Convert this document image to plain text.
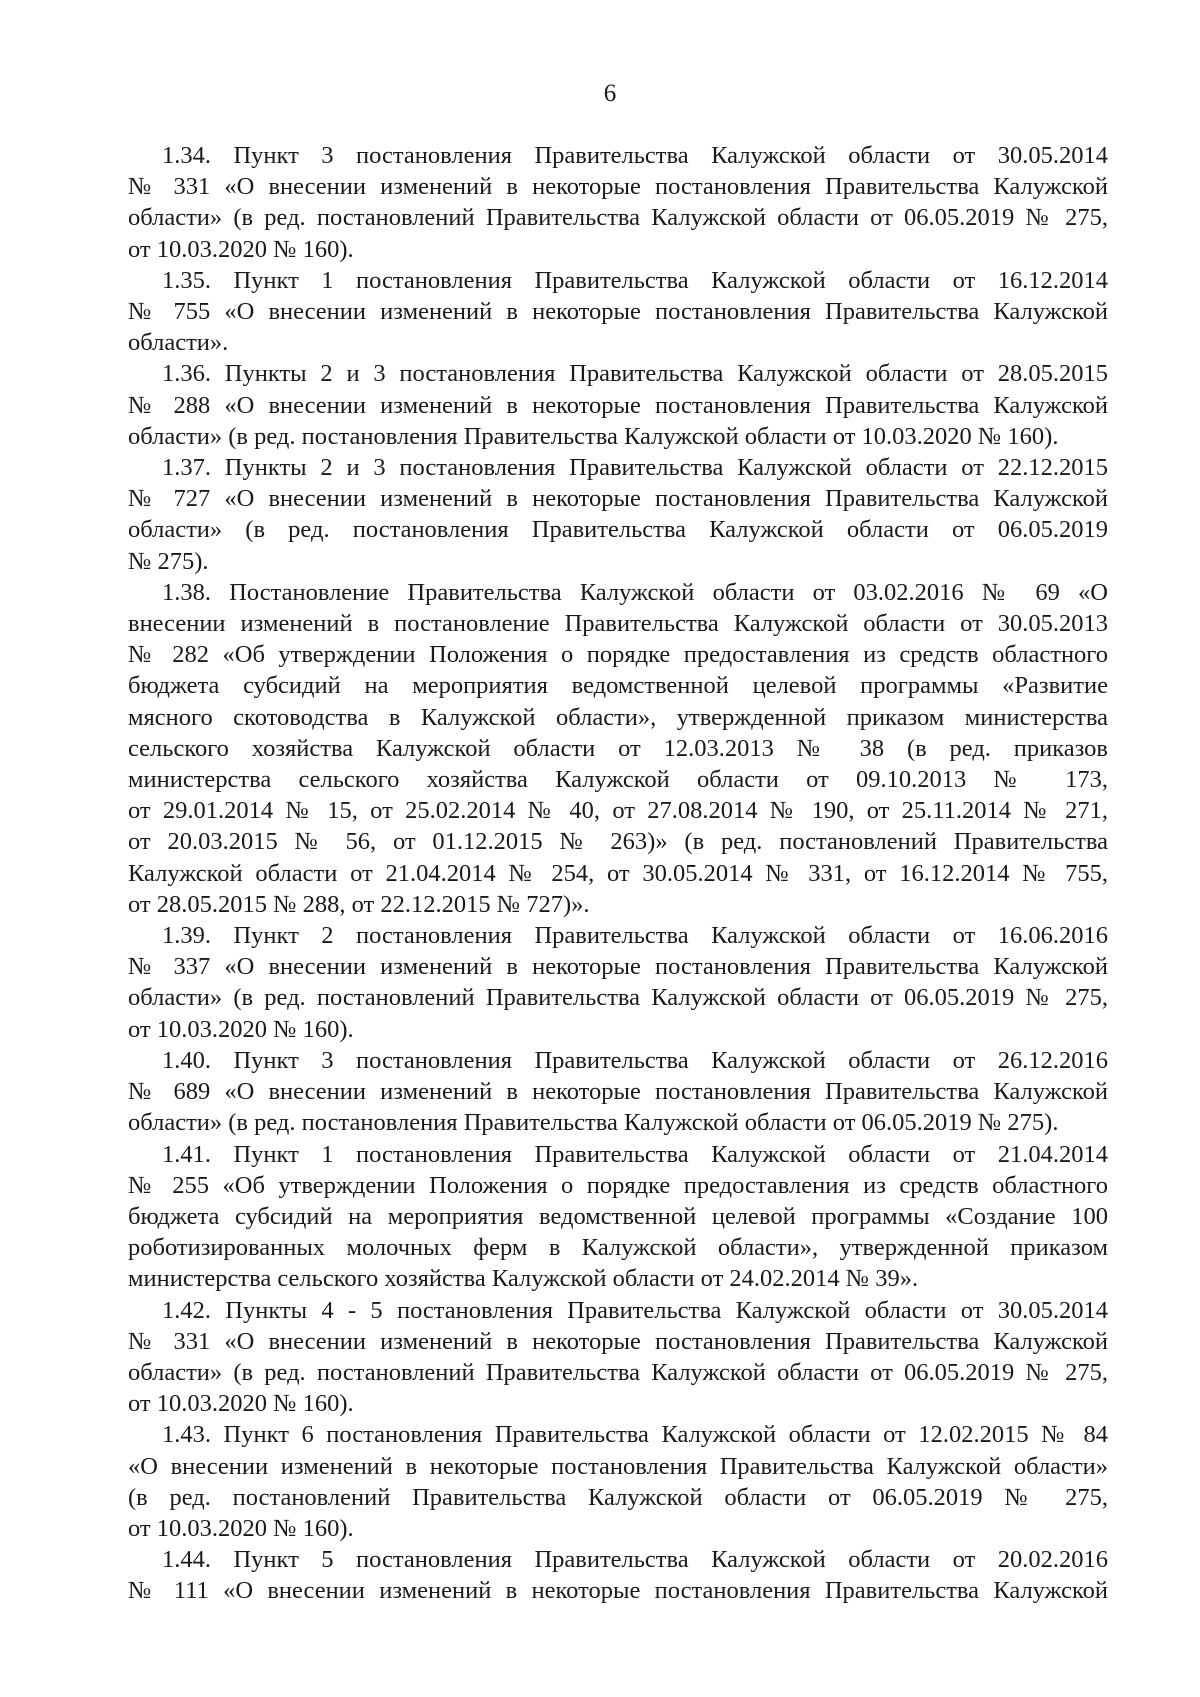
6
1.34. Пункт 3 постановления Правительства Калужской области от 30.05.2014
№ 331 «О внесении изменений в некоторые постановления Правительства Калужской
области» (в ред. постановлений Правительства Калужской области от 06.05.2019 № 275,
от 10.03.2020 № 160).
1.35. Пункт 1 постановления Правительства Калужской области от 16.12.2014
№ 755 «О внесении изменений в некоторые постановления Правительства Калужской
области».
1.36. Пункты 2 и 3 постановления Правительства Калужской области от 28.05.2015
№ 288 «О внесении изменений в некоторые постановления Правительства Калужской
области» (в ред. постановления Правительства Калужской области от 10.03.2020 № 160).
1.37. Пункты 2 и 3 постановления Правительства Калужской области от 22.12.2015
№ 727 «О внесении изменений в некоторые постановления Правительства Калужской
области» (в ред. постановления Правительства Калужской области от 06.05.2019
№ 275).
1.38. Постановление Правительства Калужской области от 03.02.2016 № 69 «О
внесении изменений в постановление Правительства Калужской области от 30.05.2013
№ 282 «Об утверждении Положения о порядке предоставления из средств областного
бюджета субсидий на мероприятия ведомственной целевой программы «Развитие
мясного скотоводства в Калужской области», утвержденной приказом министерства
сельского хозяйства Калужской области от 12.03.2013 № 38 (в ред. приказов
министерства сельского хозяйства Калужской области от 09.10.2013 № 173,
от 29.01.2014 № 15, от 25.02.2014 № 40, от 27.08.2014 № 190, от 25.11.2014 № 271,
от 20.03.2015 № 56, от 01.12.2015 № 263)» (в ред. постановлений Правительства
Калужской области от 21.04.2014 № 254, от 30.05.2014 № 331, от 16.12.2014 № 755,
от 28.05.2015 № 288, от 22.12.2015 № 727)».
1.39. Пункт 2 постановления Правительства Калужской области от 16.06.2016
№ 337 «О внесении изменений в некоторые постановления Правительства Калужской
области» (в ред. постановлений Правительства Калужской области от 06.05.2019 № 275,
от 10.03.2020 № 160).
1.40. Пункт 3 постановления Правительства Калужской области от 26.12.2016
№ 689 «О внесении изменений в некоторые постановления Правительства Калужской
области» (в ред. постановления Правительства Калужской области от 06.05.2019 № 275).
1.41. Пункт 1 постановления Правительства Калужской области от 21.04.2014
№ 255 «Об утверждении Положения о порядке предоставления из средств областного
бюджета субсидий на мероприятия ведомственной целевой программы «Создание 100
роботизированных молочных ферм в Калужской области», утвержденной приказом
министерства сельского хозяйства Калужской области от 24.02.2014 № 39».
1.42. Пункты 4 - 5 постановления Правительства Калужской области от 30.05.2014
№ 331 «О внесении изменений в некоторые постановления Правительства Калужской
области» (в ред. постановлений Правительства Калужской области от 06.05.2019 № 275,
от 10.03.2020 № 160).
1.43. Пункт 6 постановления Правительства Калужской области от 12.02.2015 № 84
«О внесении изменений в некоторые постановления Правительства Калужской области»
(в ред. постановлений Правительства Калужской области от 06.05.2019 № 275,
от 10.03.2020 № 160).
1.44. Пункт 5 постановления Правительства Калужской области от 20.02.2016
№ 111 «О внесении изменений в некоторые постановления Правительства Калужской
